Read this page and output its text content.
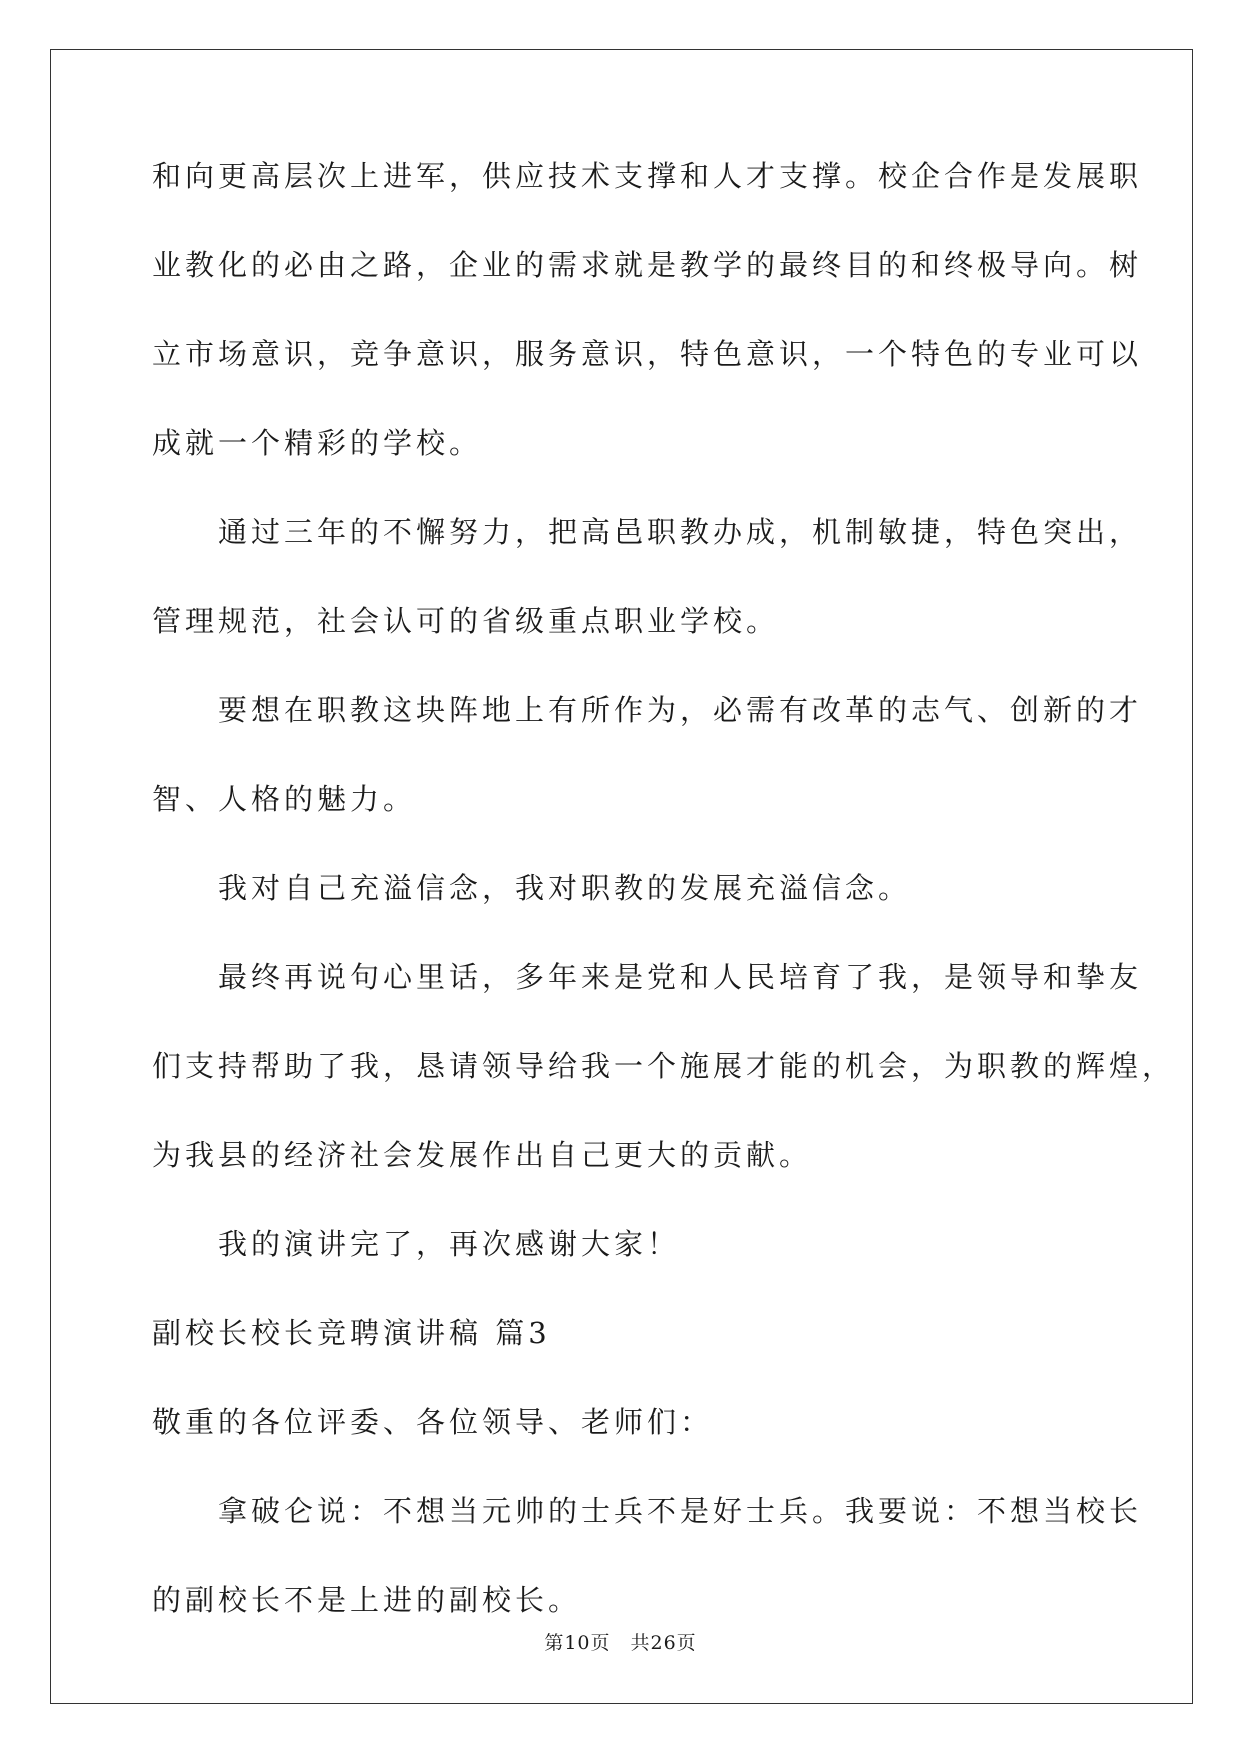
和向更高层次上进军，供应技术支撑和人才支撑。校企合作是发展职
业教化的必由之路，企业的需求就是教学的最终目的和终极导向。树
立市场意识，竞争意识，服务意识，特色意识，一个特色的专业可以
成就一个精彩的学校。
通过三年的不懈努力，把高邑职教办成，机制敏捷，特色突出，
管理规范，社会认可的省级重点职业学校。
要想在职教这块阵地上有所作为，必需有改革的志气、创新的才
智、人格的魅力。
我对自己充溢信念，我对职教的发展充溢信念。
最终再说句心里话，多年来是党和人民培育了我，是领导和挚友
们支持帮助了我，恳请领导给我一个施展才能的机会，为职教的辉煌，
为我县的经济社会发展作出自己更大的贡献。
我的演讲完了，再次感谢大家！
副校长校长竞聘演讲稿 篇3
敬重的各位评委、各位领导、老师们：
拿破仑说：不想当元帅的士兵不是好士兵。我要说：不想当校长
的副校长不是上进的副校长。
第10页　共26页
